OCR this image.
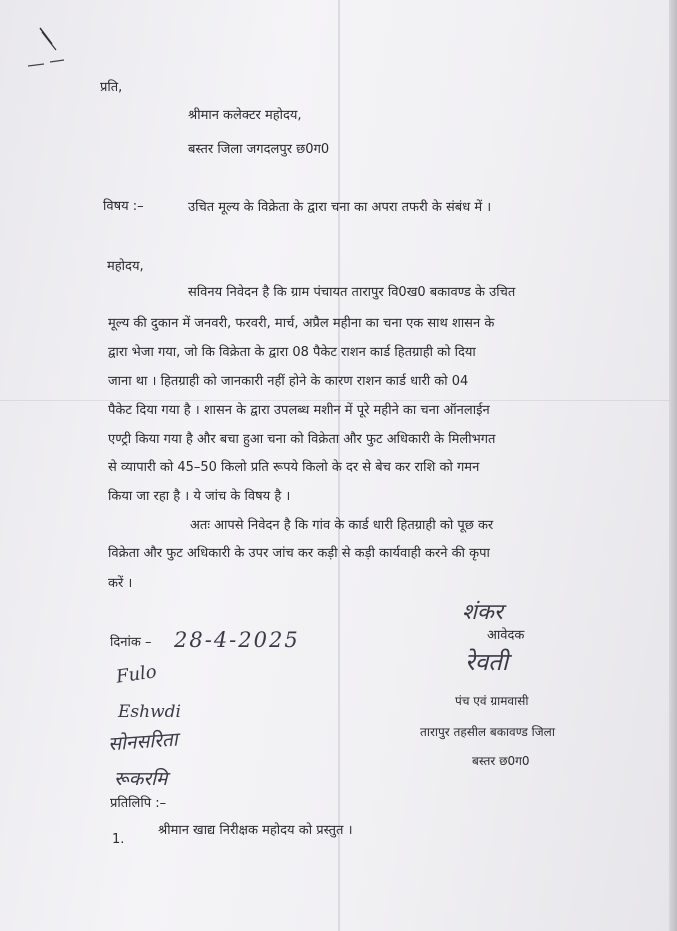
प्रति,
श्रीमान कलेक्टर महोदय,
बस्तर जिला जगदलपुर छ0ग0
विषय :–	उचित मूल्य के विक्रेता के द्वारा चना का अपरा तफरी के संबंध में ।
महोदय,
सविनय निवेदन है कि ग्राम पंचायत तारापुर वि0ख0 बकावण्ड के उचित
मूल्य की दुकान में जनवरी, फरवरी, मार्च, अप्रैल महीना का चना एक साथ शासन के
द्वारा भेजा गया, जो कि विक्रेता के द्वारा 08 पैकेट राशन कार्ड हितग्राही को दिया
जाना था । हितग्राही को जानकारी नहीं होने के कारण राशन कार्ड धारी को 04
पैकेट दिया गया है । शासन के द्वारा उपलब्ध मशीन में पूरे महीने का चना ऑनलाईन
एण्ट्री किया गया है और बचा हुआ चना को विक्रेता और फुट अधिकारी के मिलीभगत
से व्यापारी को 45–50 किलो प्रति रूपये किलो के दर से बेच कर राशि को गमन
किया जा रहा है । ये जांच के विषय है ।
अतः आपसे निवेदन है कि गांव के कार्ड धारी हितग्राही को पूछ कर
विक्रेता और फुट अधिकारी के उपर जांच कर कड़ी से कड़ी कार्यवाही करने की कृपा
करें ।
शंकर
आवेदक
रेवती
दिनांक – 28-4-2025
पंच एवं ग्रामवासी
तारापुर तहसील बकावण्ड जिला
बस्तर छ0ग0
Fulo
Eshwdi
सोनसरिता
रूकरमि
प्रतिलिपि :–
1.
श्रीमान खाद्य निरीक्षक महोदय को प्रस्तुत ।
